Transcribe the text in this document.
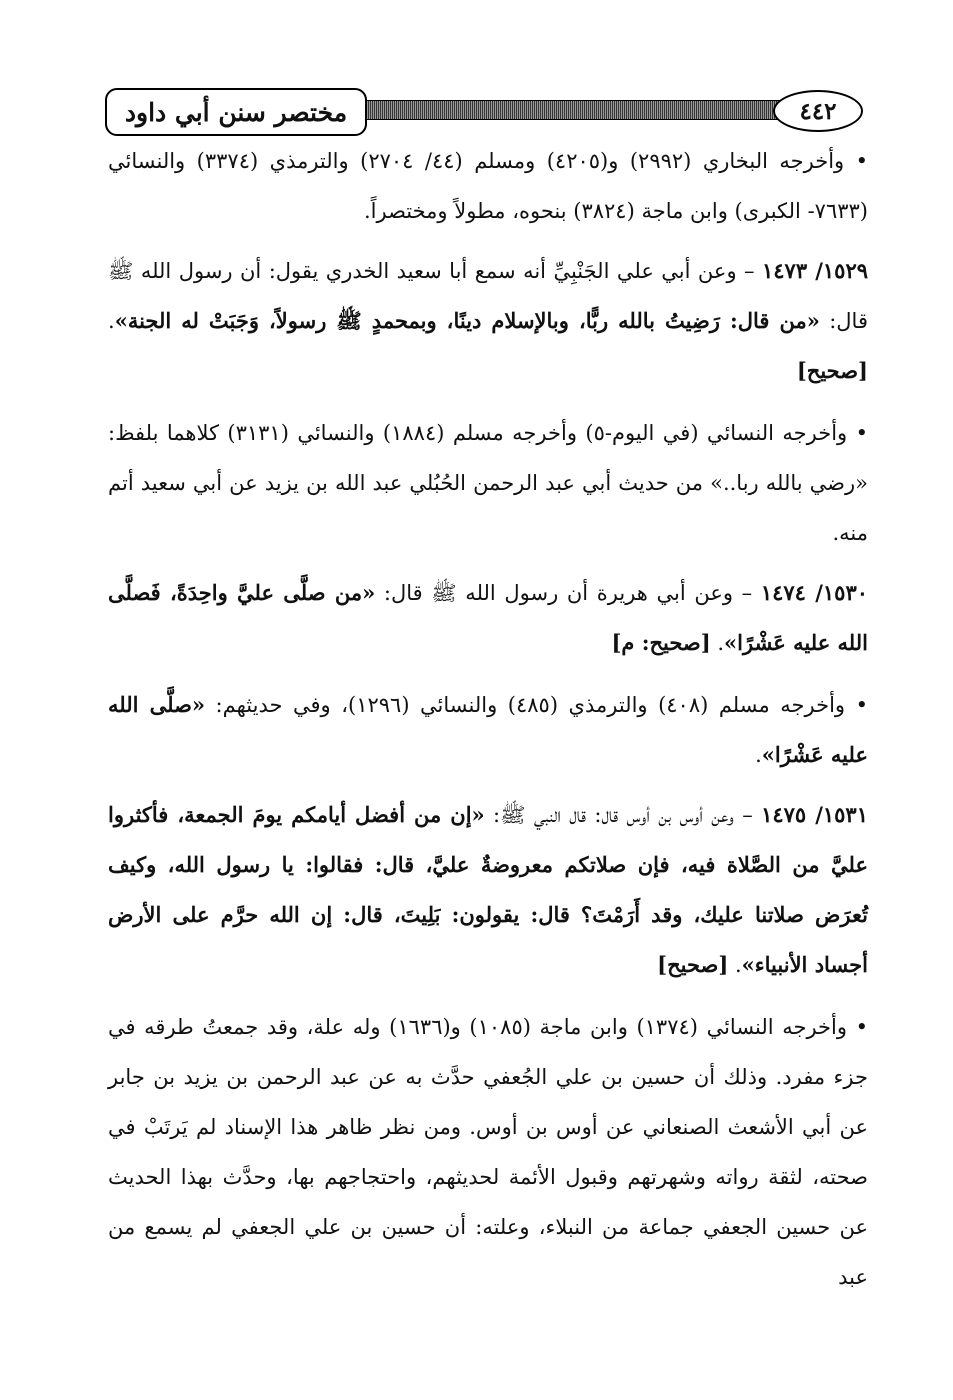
مختصر سنن أبي داود	٤٤٢

• وأخرجه البخاري (٢٩٩٢) و(٤٢٠٥) ومسلم (٤٤/ ٢٧٠٤) والترمذي (٣٣٧٤) والنسائي (٧٦٣٣- الكبرى) وابن ماجة (٣٨٢٤) بنحوه، مطولاً ومختصراً.

١٥٢٩/ ١٤٧٣ – وعن أبي علي الجَنْبِيِّ أنه سمع أبا سعيد الخدري يقول: أن رسول الله ﷺ قال: «من قال: رَضِيتُ بالله ربًّا، وبالإسلام دينًا، وبمحمدٍ ﷺ رسولاً، وَجَبَتْ له الجنة». [صحيح]

• وأخرجه النسائي (في اليوم-٥) وأخرجه مسلم (١٨٨٤) والنسائي (٣١٣١) كلاهما بلفظ: «رضي بالله ربا..» من حديث أبي عبد الرحمن الحُبُلي عبد الله بن يزيد عن أبي سعيد أتم منه.

١٥٣٠/ ١٤٧٤ – وعن أبي هريرة أن رسول الله ﷺ قال: «من صلَّى عليَّ واحِدَةً، فَصلَّى الله عليه عَشْرًا». [صحيح: م]

• وأخرجه مسلم (٤٠٨) والترمذي (٤٨٥) والنسائي (١٢٩٦)، وفي حديثهم: «صلَّى الله عليه عَشْرًا».

١٥٣١/ ١٤٧٥ – وعن أوس بن أوس قال: قال النبي ﷺ: «إن من أفضل أيامكم يومَ الجمعة، فأكثروا عليَّ من الصَّلاة فيه، فإن صلاتكم معروضةٌ عليَّ، قال: فقالوا: يا رسول الله، وكيف تُعرَض صلاتنا عليك، وقد أَرَمْتَ؟ قال: يقولون: بَلِيتَ، قال: إن الله حرَّم على الأرض أجساد الأنبياء». [صحيح]

• وأخرجه النسائي (١٣٧٤) وابن ماجة (١٠٨٥) و(١٦٣٦) وله علة، وقد جمعتُ طرقه في جزء مفرد. وذلك أن حسين بن علي الجُعفي حدَّث به عن عبد الرحمن بن يزيد بن جابر عن أبي الأشعث الصنعاني عن أوس بن أوس. ومن نظر ظاهر هذا الإسناد لم يَرتَبْ في صحته، لثقة رواته وشهرتهم وقبول الأئمة لحديثهم، واحتجاجهم بها، وحدَّث بهذا الحديث عن حسين الجعفي جماعة من النبلاء، وعلته: أن حسين بن علي الجعفي لم يسمع من عبد
